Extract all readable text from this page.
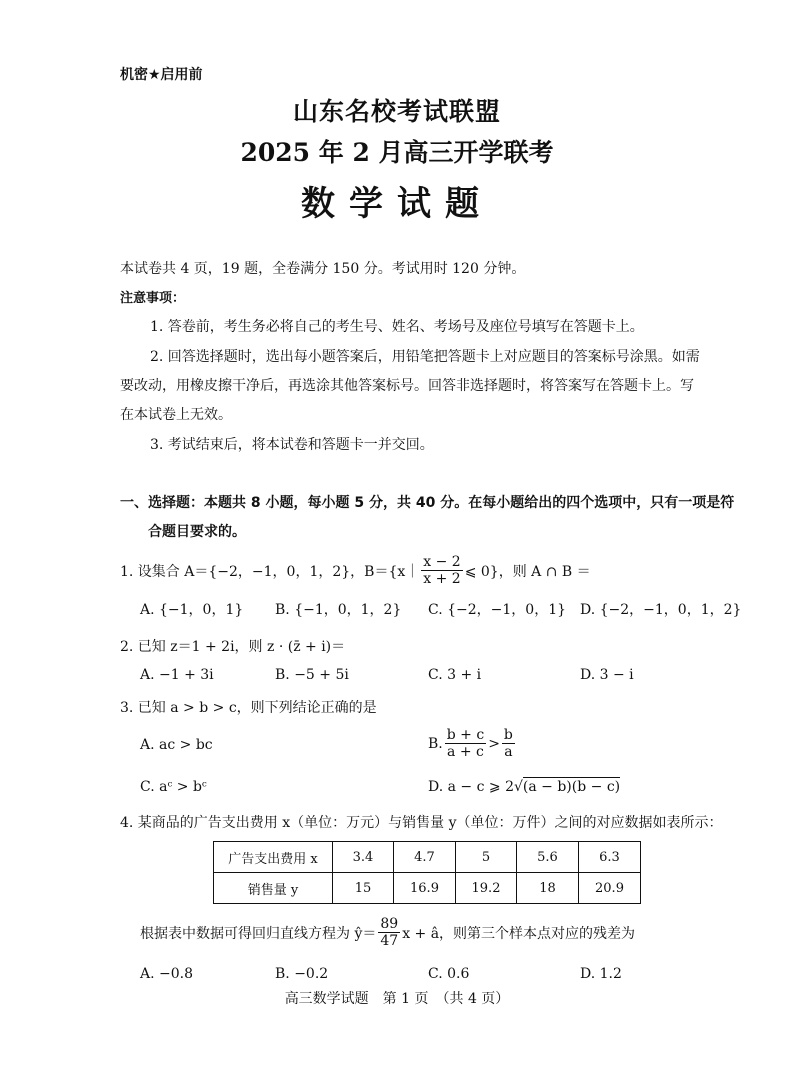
机密★启用前
山东名校考试联盟
2025 年 2 月高三开学联考
数学试题
本试卷共 4 页，19 题，全卷满分 150 分。考试用时 120 分钟。
注意事项：
1. 答卷前，考生务必将自己的考生号、姓名、考场号及座位号填写在答题卡上。
2. 回答选择题时，选出每小题答案后，用铅笔把答题卡上对应题目的答案标号涂黑。如需
要改动，用橡皮擦干净后，再选涂其他答案标号。回答非选择题时，将答案写在答题卡上。写
在本试卷上无效。
3. 考试结束后，将本试卷和答题卡一并交回。
一、选择题：本题共 8 小题，每小题 5 分，共 40 分。在每小题给出的四个选项中，只有一项是符
合题目要求的。
1. 设集合 A＝{−2，−1，0，1，2}，B＝{x｜ $\frac{x - 2}{x + 2}$ ⩽ 0}，则 A ∩ B ＝
A. {−1，0，1} B. {−1，0，1，2} C. {−2，−1，0，1} D. {−2，−1，0，1，2}
2. 已知 z＝1 + 2i，则 z · (z̄ + i)＝
A. −1 + 3i	B. −5 + 5i	C. 3 + i	D. 3 − i
3. 已知 a > b > c，则下列结论正确的是
A. ac > bc	B. $\frac{b + c}{a + c} > \frac{b}{a}$
C. aᶜ > bᶜ	D. a − c ⩾ 2√(a − b)(b − c)
4. 某商品的广告支出费用 x（单位：万元）与销售量 y（单位：万件）之间的对应数据如表所示：
广告支出费用 x	3.4	4.7	5	5.6	6.3
销售量 y	15	16.9	19.2	18	20.9
根据表中数据可得回归直线方程为 ŷ＝ $\frac{89}{47}$ x + â，则第三个样本点对应的残差为
A. −0.8	B. −0.2	C. 0.6	D. 1.2
高三数学试题　第 1 页　（共 4 页）
